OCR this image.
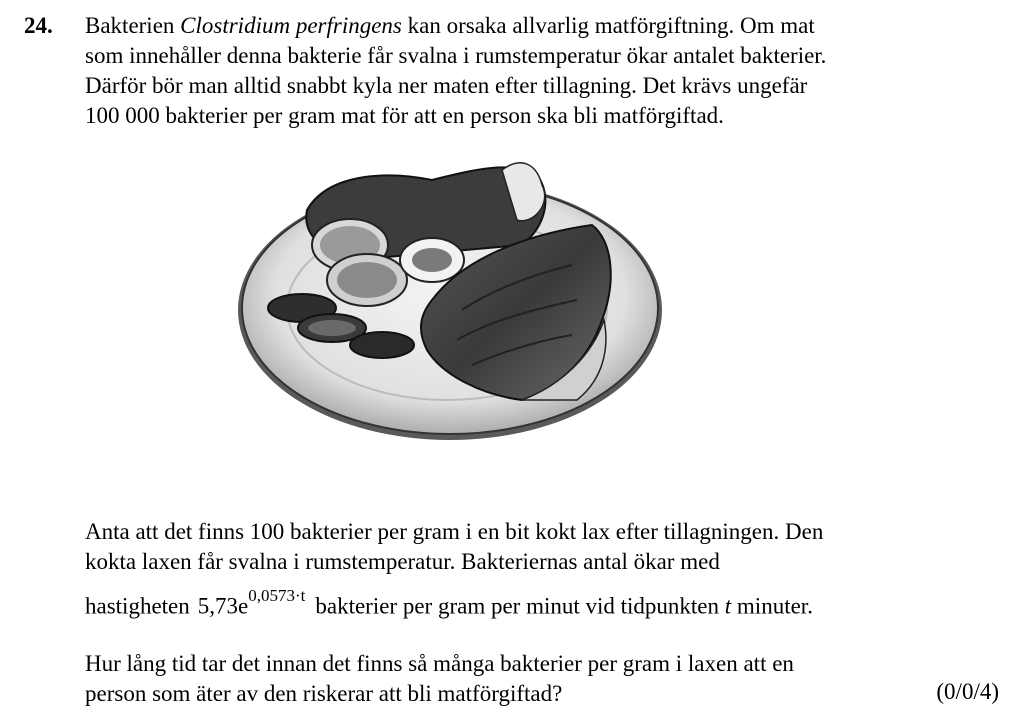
24. Bakterien Clostridium perfringens kan orsaka allvarlig matförgiftning. Om mat
som innehåller denna bakterie får svalna i rumstemperatur ökar antalet bakterier.
Därför bör man alltid snabbt kyla ner maten efter tillagning. Det krävs ungefär
100 000 bakterier per gram mat för att en person ska bli matförgiftad.
Anta att det finns 100 bakterier per gram i en bit kokt lax efter tillagningen. Den
kokta laxen får svalna i rumstemperatur. Bakteriernas antal ökar med
hastigheten $5,73e^{0,0573\cdot t}$ bakterier per gram per minut vid tidpunkten t minuter.
Hur lång tid tar det innan det finns så många bakterier per gram i laxen att en
person som äter av den riskerar att bli matförgiftad?	(0/0/4)
